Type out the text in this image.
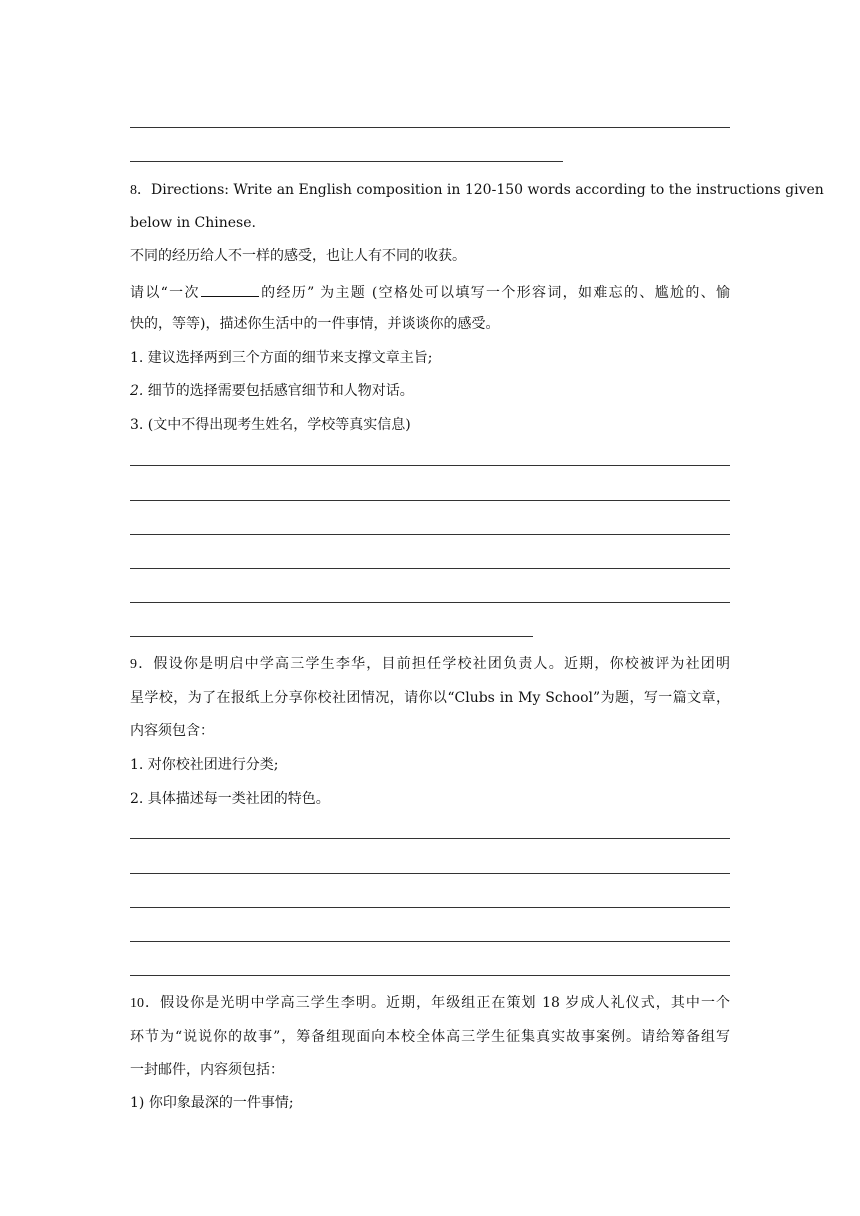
8．Directions: Write an English composition in 120-150 words according to the instructions given
below in Chinese.
不同的经历给人不一样的感受，也让人有不同的收获。
请以“一次	的经历” 为主题 (空格处可以填写一个形容词，如难忘的、尴尬的、愉
快的，等等)，描述你生活中的一件事情，并谈谈你的感受。
1. 建议选择两到三个方面的细节来支撑文章主旨;
2. 细节的选择需要包括感官细节和人物对话。
3. (文中不得出现考生姓名，学校等真实信息)
9．假设你是明启中学高三学生李华，目前担任学校社团负责人。近期，你校被评为社团明
星学校，为了在报纸上分享你校社团情况，请你以“Clubs in My School”为题，写一篇文章，
内容须包含：
1. 对你校社团进行分类;
2. 具体描述每一类社团的特色。
10．假设你是光明中学高三学生李明。近期，年级组正在策划 18 岁成人礼仪式，其中一个
环节为“说说你的故事”，筹备组现面向本校全体高三学生征集真实故事案例。请给筹备组写
一封邮件，内容须包括：
1) 你印象最深的一件事情;
